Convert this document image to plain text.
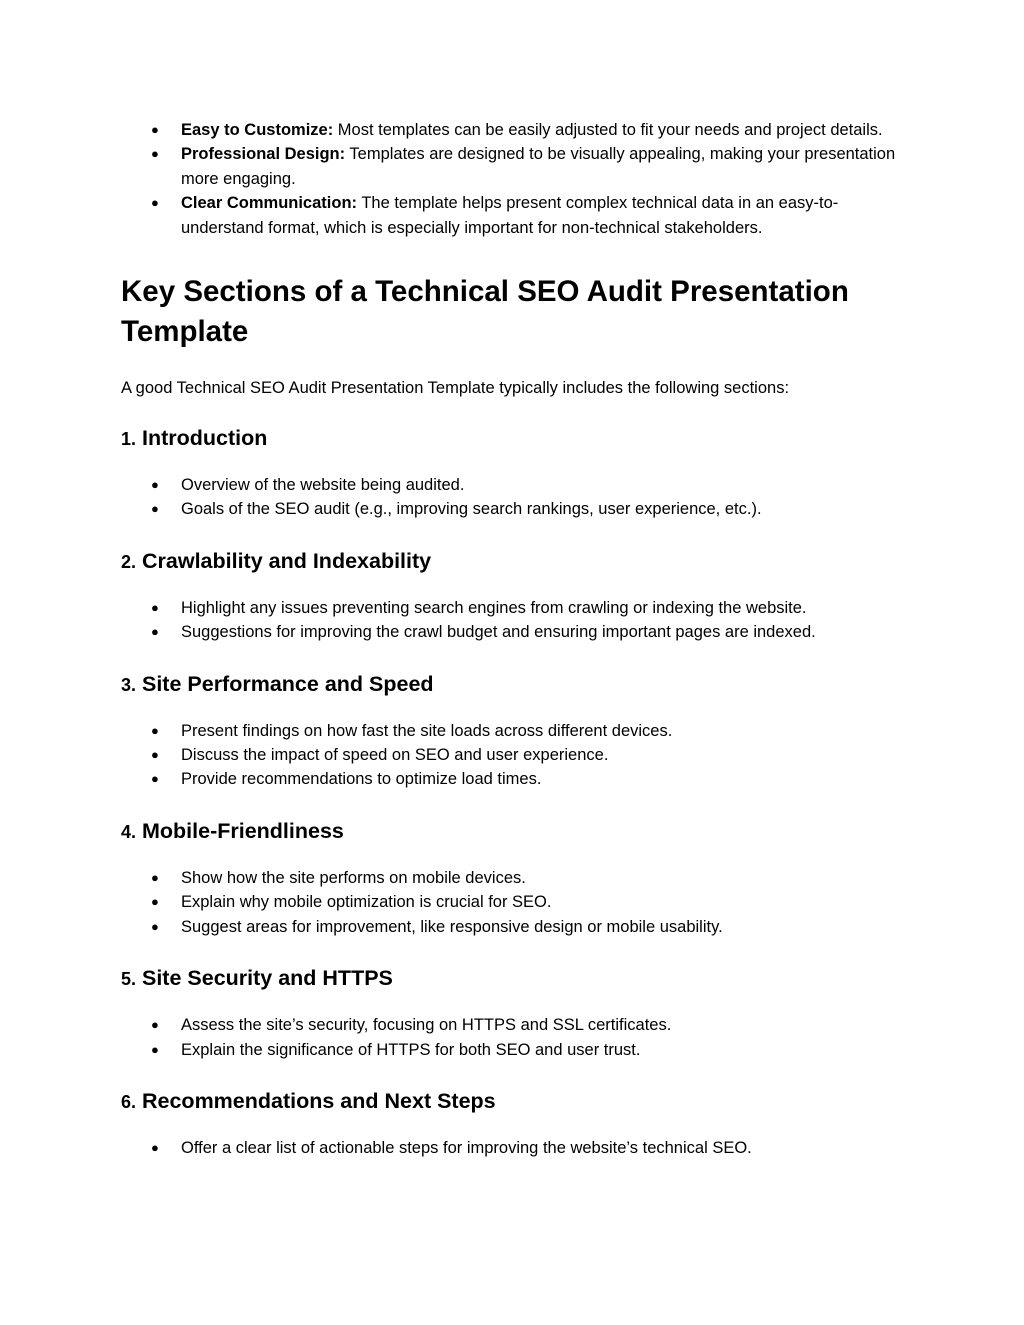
● Easy to Customize: Most templates can be easily adjusted to fit your needs and project details.
● Professional Design: Templates are designed to be visually appealing, making your presentation more engaging.
● Clear Communication: The template helps present complex technical data in an easy-to-understand format, which is especially important for non-technical stakeholders.
Key Sections of a Technical SEO Audit Presentation Template

A good Technical SEO Audit Presentation Template typically includes the following sections:

1. Introduction
● Overview of the website being audited.
● Goals of the SEO audit (e.g., improving search rankings, user experience, etc.).
2. Crawlability and Indexability
● Highlight any issues preventing search engines from crawling or indexing the website.
● Suggestions for improving the crawl budget and ensuring important pages are indexed.
3. Site Performance and Speed
● Present findings on how fast the site loads across different devices.
● Discuss the impact of speed on SEO and user experience.
● Provide recommendations to optimize load times.
4. Mobile-Friendliness
● Show how the site performs on mobile devices.
● Explain why mobile optimization is crucial for SEO.
● Suggest areas for improvement, like responsive design or mobile usability.
5. Site Security and HTTPS
● Assess the site’s security, focusing on HTTPS and SSL certificates.
● Explain the significance of HTTPS for both SEO and user trust.
6. Recommendations and Next Steps
● Offer a clear list of actionable steps for improving the website’s technical SEO.
